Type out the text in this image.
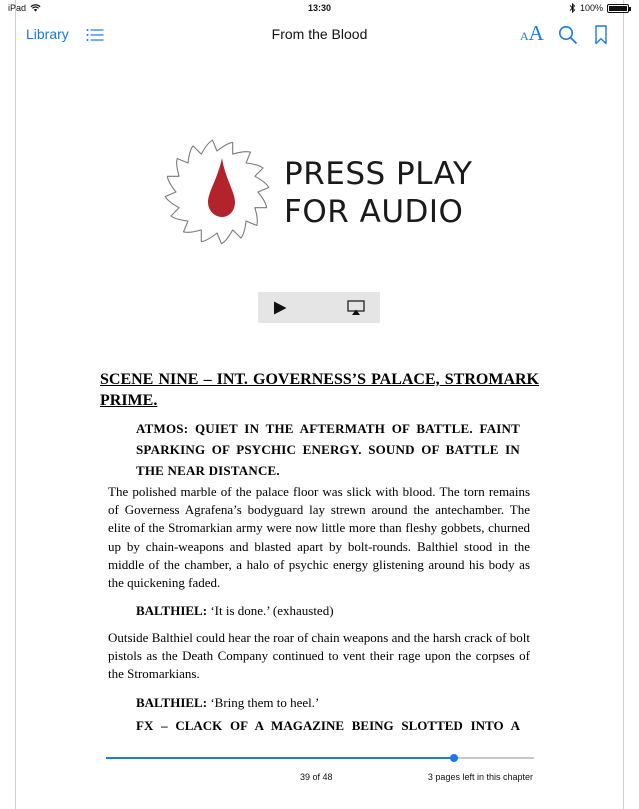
iPad	13:30	100%
Library	From the Blood	AA
PRESS PLAY
FOR AUDIO
SCENE NINE – INT. GOVERNESS’S PALACE, STROMARK PRIME.
ATMOS: QUIET IN THE AFTERMATH OF BATTLE. FAINT SPARKING OF PSYCHIC ENERGY. SOUND OF BATTLE IN THE NEAR DISTANCE.
The polished marble of the palace floor was slick with blood. The torn remains of Governess Agrafena’s bodyguard lay strewn around the antechamber. The elite of the Stromarkian army were now little more than fleshy gobbets, churned up by chain-weapons and blasted apart by bolt-rounds. Balthiel stood in the middle of the chamber, a halo of psychic energy glistening around his body as the quickening faded.
BALTHIEL: ‘It is done.’ (exhausted)
Outside Balthiel could hear the roar of chain weapons and the harsh crack of bolt pistols as the Death Company continued to vent their rage upon the corpses of the Stromarkians.
BALTHIEL: ‘Bring them to heel.’
FX – CLACK OF A MAGAZINE BEING SLOTTED INTO A
39 of 48	3 pages left in this chapter
